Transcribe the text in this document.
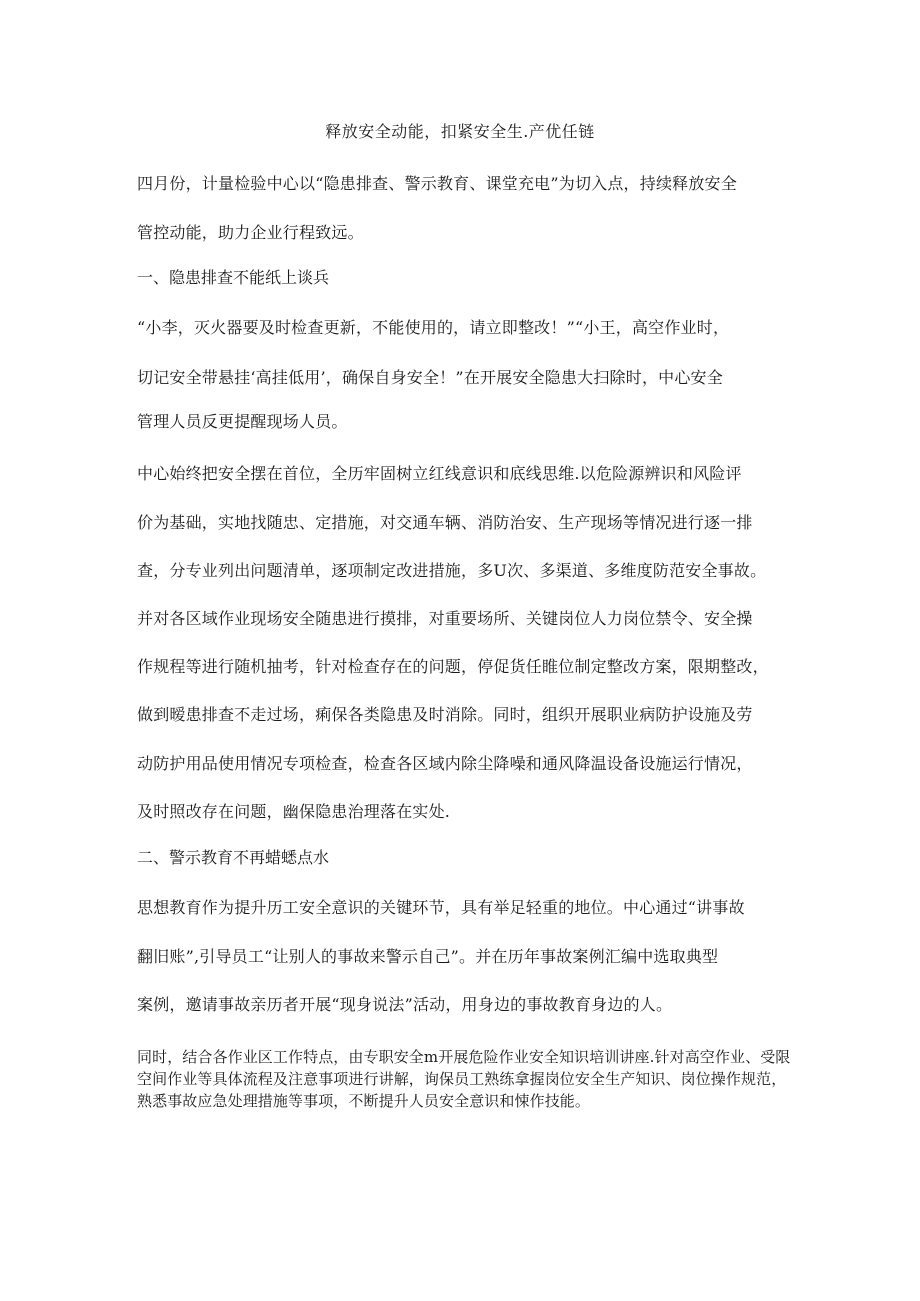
释放安全动能，扣紧安全生.产优任链
四月份，计量检验中心以“隐患排查、警示教育、课堂充电”为切入点，持续释放安全
管控动能，助力企业行程致远。
一、隐患排查不能纸上谈兵
“小李，灭火器要及时检查更新，不能使用的，请立即整改！”“小王，高空作业时，
切记安全带悬挂‘高挂低用’，确保自身安全！”在开展安全隐患大扫除时，中心安全
管理人员反更提醒现场人员。
中心始终把安全摆在首位，全历牢固树立红线意识和底线思维.以危险源辨识和风险评
价为基础，实地找随忠、定措施，对交通车辆、消防治安、生产现场等情况进行逐一排
查，分专业列出问题清单，逐项制定改进措施，多U次、多渠道、多维度防范安全事故。
并对各区域作业现场安全随患进行摸排，对重要场所、关键岗位人力岗位禁令、安全操
作规程等进行随机抽考，针对检查存在的问题，停促货任睢位制定整改方案，限期整改，
做到暧患排查不走过场，痢保各类隐患及时消除。同时，组织开展职业病防护设施及劳
动防护用品使用情况专项检查，检查各区域内除尘降噪和通风降温设备设施运行情况，
及时照改存在问题，幽保隐患治理落在实处.
二、警示教育不再蜡蟋点水
思想教育作为提升历工安全意识的关键环节，具有举足轻重的地位。中心通过“讲事故
翻旧账”,引导员工“让别人的事故来警示自己”。并在历年事故案例汇编中选取典型
案例，邀请事故亲历者开展“现身说法”活动，用身边的事故教育身边的人。
同时，结合各作业区工作特点，由专职安全m开展危险作业安全知识培训讲座.针对高空作业、受限空间作业等具体流程及注意事项进行讲解，询保员工熟练拿握岗位安全生产知识、岗位操作规范，熟悉事故应急处理措施等事项，不断提升人员安全意识和悚作技能。
